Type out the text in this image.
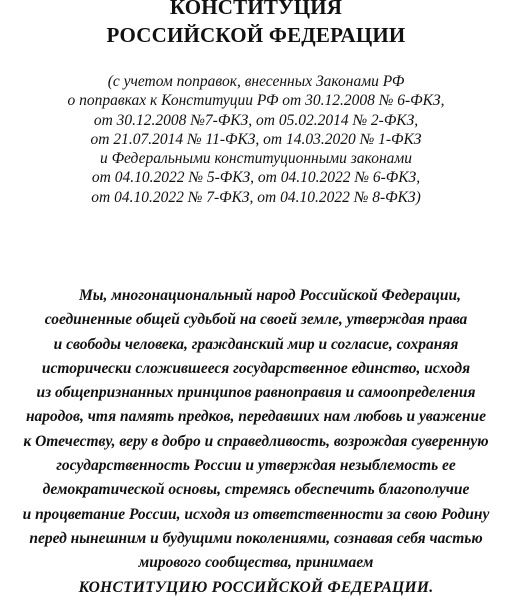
КОНСТИТУЦИЯ
РОССИЙСКОЙ ФЕДЕРАЦИИ
(с учетом поправок, внесенных Законами РФ
о поправках к Конституции РФ от 30.12.2008 № 6-ФКЗ,
от 30.12.2008 №7-ФКЗ, от 05.02.2014 № 2-ФКЗ,
от 21.07.2014 № 11-ФКЗ, от 14.03.2020 № 1-ФКЗ
и Федеральными конституционными законами
от 04.10.2022 № 5-ФКЗ, от 04.10.2022 № 6-ФКЗ,
от 04.10.2022 № 7-ФКЗ, от 04.10.2022 № 8-ФКЗ)
Мы, многонациональный народ Российской Федерации,
соединенные общей судьбой на своей земле, утверждая права
и свободы человека, гражданский мир и согласие, сохраняя
исторически сложившееся государственное единство, исходя
из общепризнанных принципов равноправия и самоопределения
народов, чтя память предков, передавших нам любовь и уважение
к Отечеству, веру в добро и справедливость, возрождая суверенную
государственность России и утверждая незыблемость ее
демократической основы, стремясь обеспечить благополучие
и процветание России, исходя из ответственности за свою Родину
перед нынешним и будущими поколениями, сознавая себя частью
мирового сообщества, принимаем
КОНСТИТУЦИЮ РОССИЙСКОЙ ФЕДЕРАЦИИ.
